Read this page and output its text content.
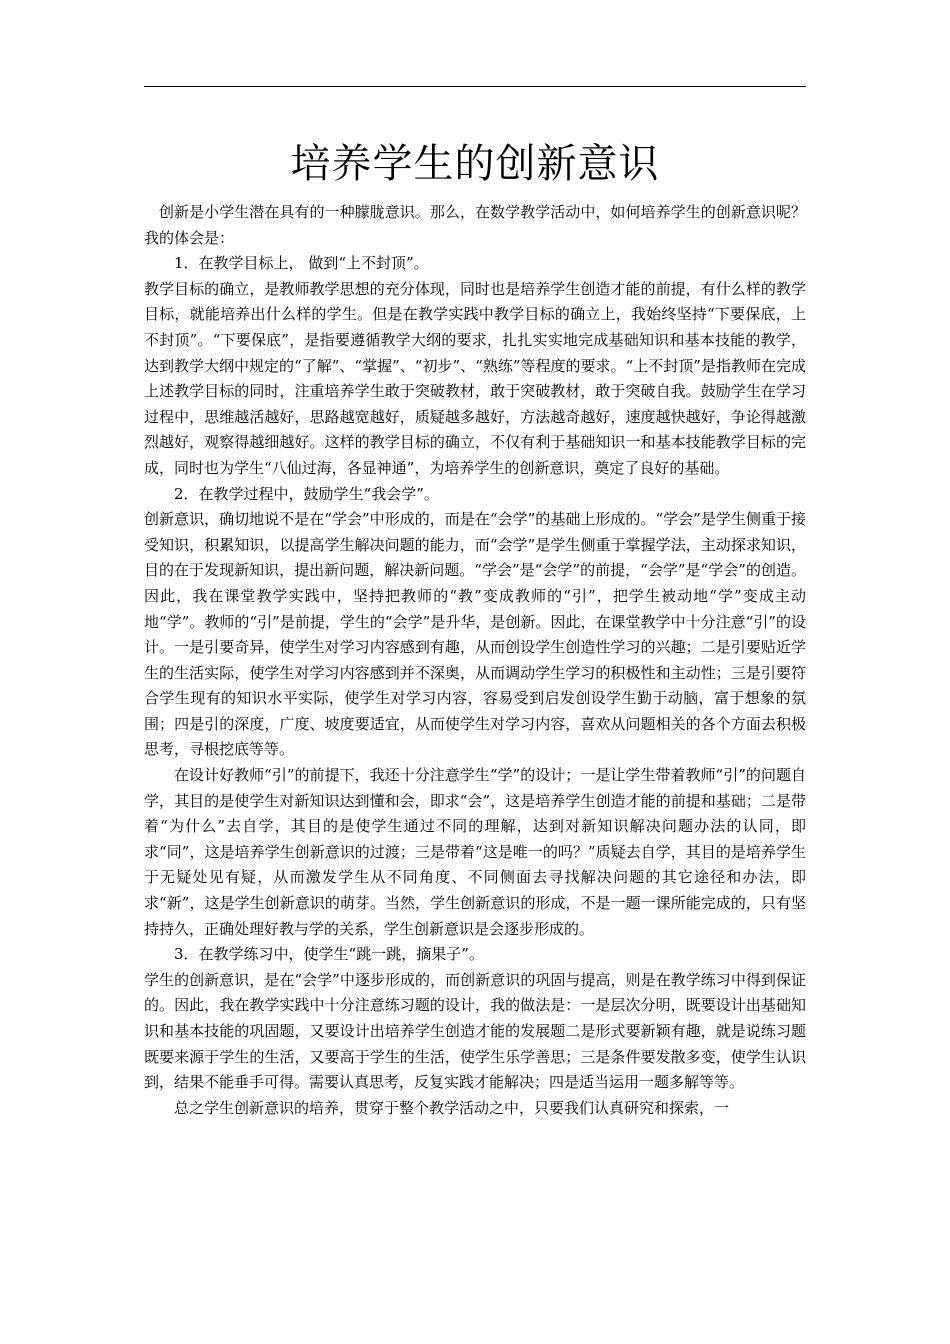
培养学生的创新意识

创新是小学生潜在具有的一种朦胧意识。那么，在数学教学活动中，如何培养学生的创新意识呢？我的体会是：

1．在教学目标上， 做到“上不封顶”。

教学目标的确立，是教师教学思想的充分体现，同时也是培养学生创造才能的前提，有什么样的教学目标，就能培养出什么样的学生。但是在教学实践中教学目标的确立上，我始终坚持“下要保底，上不封顶”。“下要保底”，是指要遵循教学大纲的要求，扎扎实实地完成基础知识和基本技能的教学，达到教学大纲中规定的“了解”、“掌握”、“初步”、“熟练”等程度的要求。“上不封顶”是指教师在完成上述教学目标的同时，注重培养学生敢于突破教材，敢于突破教材，敢于突破自我。鼓励学生在学习过程中，思维越活越好，思路越宽越好，质疑越多越好，方法越奇越好，速度越快越好，争论得越激烈越好，观察得越细越好。这样的教学目标的确立，不仅有利于基础知识一和基本技能教学目标的完成，同时也为学生“八仙过海，各显神通”，为培养学生的创新意识，奠定了良好的基础。

2．在教学过程中，鼓励学生“我会学”。

创新意识，确切地说不是在“学会”中形成的，而是在“会学”的基础上形成的。“学会”是学生侧重于接受知识，积累知识，以提高学生解决问题的能力，而“会学”是学生侧重于掌握学法，主动探求知识，目的在于发现新知识，提出新问题，解决新问题。“学会”是“会学”的前提，“会学”是“学会”的创造。因此，我在课堂教学实践中，坚持把教师的“教”变成教师的“引”，把学生被动地“学”变成主动地“学”。教师的“引”是前提，学生的“会学”是升华，是创新。因此，在课堂教学中十分注意“引”的设计。一是引要奇异，使学生对学习内容感到有趣，从而创设学生创造性学习的兴趣；二是引要贴近学生的生活实际，使学生对学习内容感到并不深奥，从而调动学生学习的积极性和主动性；三是引要符合学生现有的知识水平实际，使学生对学习内容，容易受到启发创设学生勤于动脑，富于想象的氛围；四是引的深度，广度、坡度要适宜，从而使学生对学习内容，喜欢从问题相关的各个方面去积极思考，寻根挖底等等。

在设计好教师“引”的前提下，我还十分注意学生“学”的设计；一是让学生带着教师“引”的问题自学，其目的是使学生对新知识达到懂和会，即求“会”，这是培养学生创造才能的前提和基础；二是带着“为什么”去自学，其目的是使学生通过不同的理解，达到对新知识解决问题办法的认同，即求“同”，这是培养学生创新意识的过渡；三是带着“这是唯一的吗？”质疑去自学，其目的是培养学生于无疑处见有疑，从而激发学生从不同角度、不同侧面去寻找解决问题的其它途径和办法，即求“新”，这是学生创新意识的萌芽。当然，学生创新意识的形成，不是一题一课所能完成的，只有坚持持久，正确处理好教与学的关系，学生创新意识是会逐步形成的。

3．在教学练习中，使学生“跳一跳，摘果子”。

学生的创新意识，是在“会学”中逐步形成的，而创新意识的巩固与提高，则是在教学练习中得到保证的。因此，我在教学实践中十分注意练习题的设计，我的做法是：一是层次分明，既要设计出基础知识和基本技能的巩固题，又要设计出培养学生创造才能的发展题二是形式要新颖有趣，就是说练习题既要来源于学生的生活，又要高于学生的生活，使学生乐学善思；三是条件要发散多变，使学生认识到，结果不能垂手可得。需要认真思考，反复实践才能解决；四是适当运用一题多解等等。

总之学生创新意识的培养，贯穿于整个教学活动之中，只要我们认真研究和探索，一
